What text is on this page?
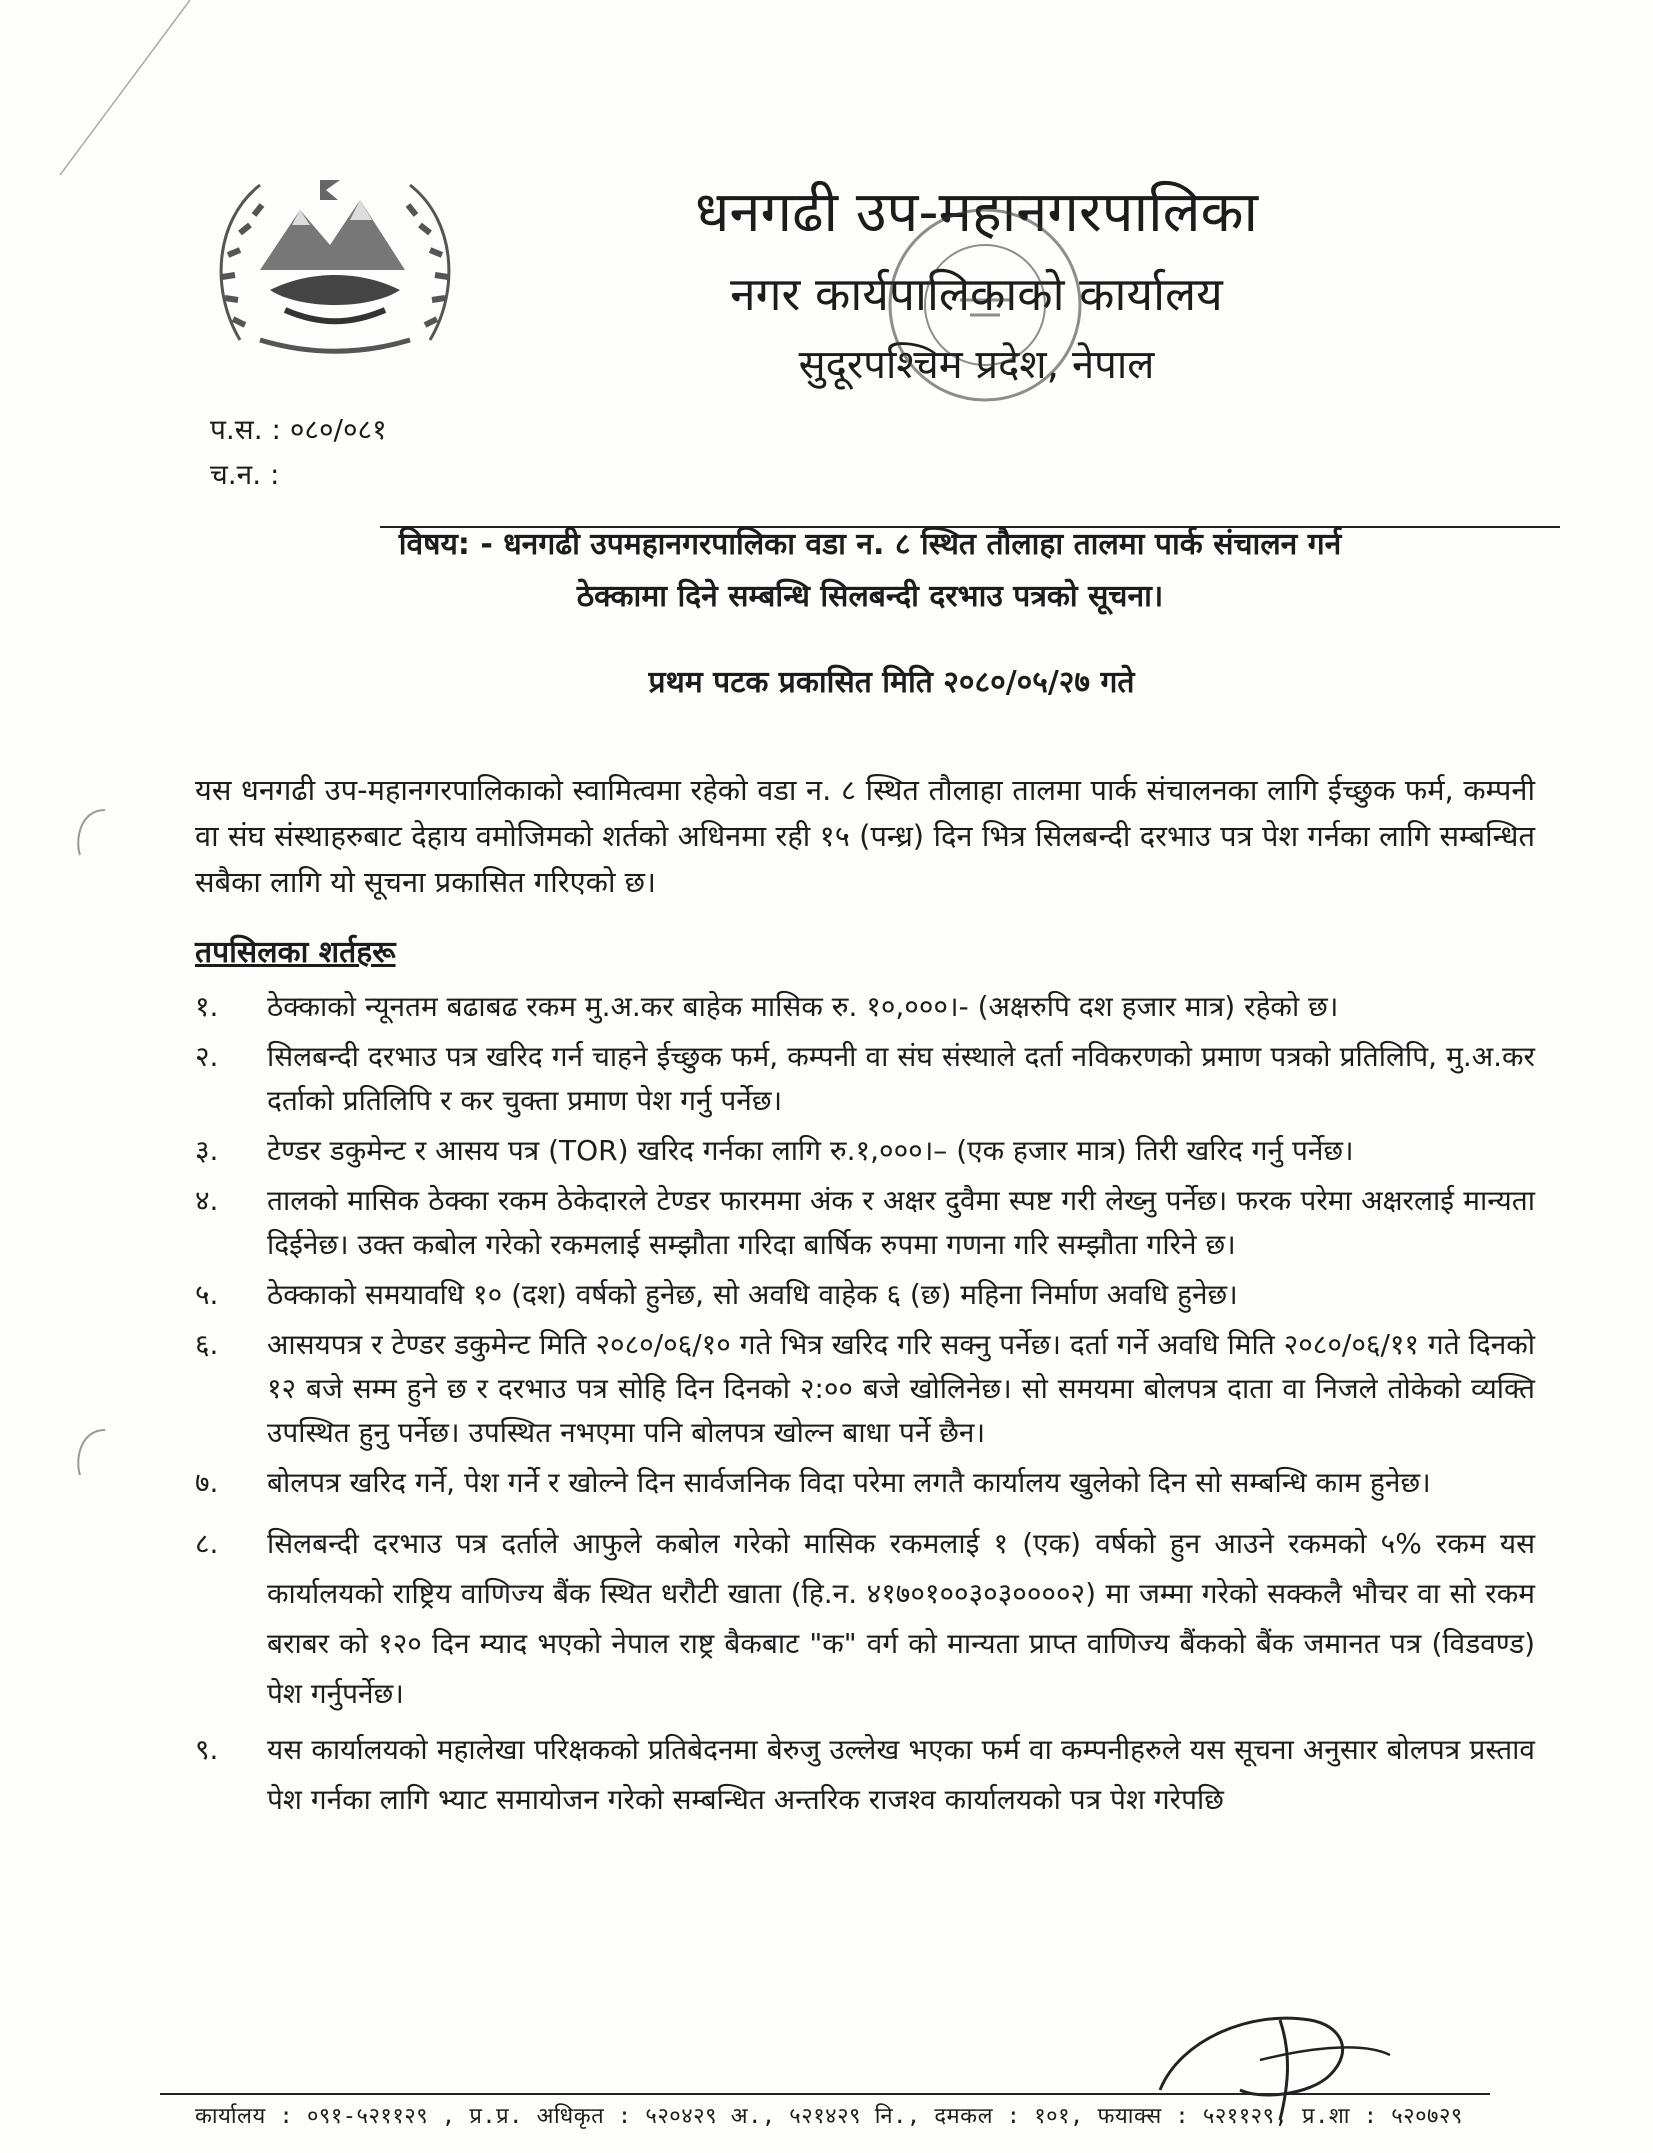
धनगढी उप-महानगरपालिका
नगर कार्यपालिकाको कार्यालय
सुदूरपश्चिम प्रदेश, नेपाल
प.स. : ०८०/०८१
च.न. :
विषय: - धनगढी उपमहानगरपालिका वडा न. ८ स्थित तौलाहा तालमा पार्क संचालन गर्न
ठेक्कामा दिने सम्बन्धि सिलबन्दी दरभाउ पत्रको सूचना।
प्रथम पटक प्रकासित मिति २०८०/०५/२७ गते

यस धनगढी उप-महानगरपालिकाको स्वामित्वमा रहेको वडा न. ८ स्थित तौलाहा तालमा पार्क संचालनका लागि ईच्छुक फर्म, कम्पनी वा संघ संस्थाहरुबाट देहाय वमोजिमको शर्तको अधिनमा रही १५ (पन्ध्र) दिन भित्र सिलबन्दी दरभाउ पत्र पेश गर्नका लागि सम्बन्धित सबैका लागि यो सूचना प्रकासित गरिएको छ।

तपसिलका शर्तहरू
१.	ठेक्काको न्यूनतम बढाबढ रकम मु.अ.कर बाहेक मासिक रु. १०,०००।- (अक्षरुपि दश हजार मात्र) रहेको छ।
२.	सिलबन्दी दरभाउ पत्र खरिद गर्न चाहने ईच्छुक फर्म, कम्पनी वा संघ संस्थाले दर्ता नविकरणको प्रमाण पत्रको प्रतिलिपि, मु.अ.कर दर्ताको प्रतिलिपि र कर चुक्ता प्रमाण पेश गर्नु पर्नेछ।
३.	टेण्डर डकुमेन्ट र आसय पत्र (TOR) खरिद गर्नका लागि रु.१,०००।– (एक हजार मात्र) तिरी खरिद गर्नु पर्नेछ।
४.	तालको मासिक ठेक्का रकम ठेकेदारले टेण्डर फारममा अंक र अक्षर दुवैमा स्पष्ट गरी लेख्नु पर्नेछ। फरक परेमा अक्षरलाई मान्यता दिईनेछ। उक्त कबोल गरेको रकमलाई सम्झौता गरिदा बार्षिक रुपमा गणना गरि सम्झौता गरिने छ।
५.	ठेक्काको समयावधि १० (दश) वर्षको हुनेछ, सो अवधि वाहेक ६ (छ) महिना निर्माण अवधि हुनेछ।
६.	आसयपत्र र टेण्डर डकुमेन्ट मिति २०८०/०६/१० गते भित्र खरिद गरि सक्नु पर्नेछ। दर्ता गर्ने अवधि मिति २०८०/०६/११ गते दिनको १२ बजे सम्म हुने छ र दरभाउ पत्र सोहि दिन दिनको २:०० बजे खोलिनेछ। सो समयमा बोलपत्र दाता वा निजले तोकेको व्यक्ति उपस्थित हुनु पर्नेछ। उपस्थित नभएमा पनि बोलपत्र खोल्न बाधा पर्ने छैन।
७.	बोलपत्र खरिद गर्ने, पेश गर्ने र खोल्ने दिन सार्वजनिक विदा परेमा लगतै कार्यालय खुलेको दिन सो सम्बन्धि काम हुनेछ।
८.	सिलबन्दी दरभाउ पत्र दर्ताले आफुले कबोल गरेको मासिक रकमलाई १ (एक) वर्षको हुन आउने रकमको ५% रकम यस कार्यालयको राष्ट्रिय वाणिज्य बैंक स्थित धरौटी खाता (हि.न. ४१७०१००३०३००००२) मा जम्मा गरेको सक्कलै भौचर वा सो रकम बराबर को १२० दिन म्याद भएको नेपाल राष्ट्र बैकबाट "क" वर्ग को मान्यता प्राप्त वाणिज्य बैंकको बैंक जमानत पत्र (विडवण्ड) पेश गर्नुपर्नेछ।
९.	यस कार्यालयको महालेखा परिक्षकको प्रतिबेदनमा बेरुजु उल्लेख भएका फर्म वा कम्पनीहरुले यस सूचना अनुसार बोलपत्र प्रस्ताव पेश गर्नका लागि भ्याट समायोजन गरेको सम्बन्धित अन्तरिक राजश्व कार्यालयको पत्र पेश गरेपछि
कार्यालय : ०९१-५२११२९ , प्र.प्र. अधिकृत : ५२०४२९ अ., ५२१४२९ नि., दमकल : १०१, फयाक्स : ५२११२९, प्र.शा : ५२०७२९
